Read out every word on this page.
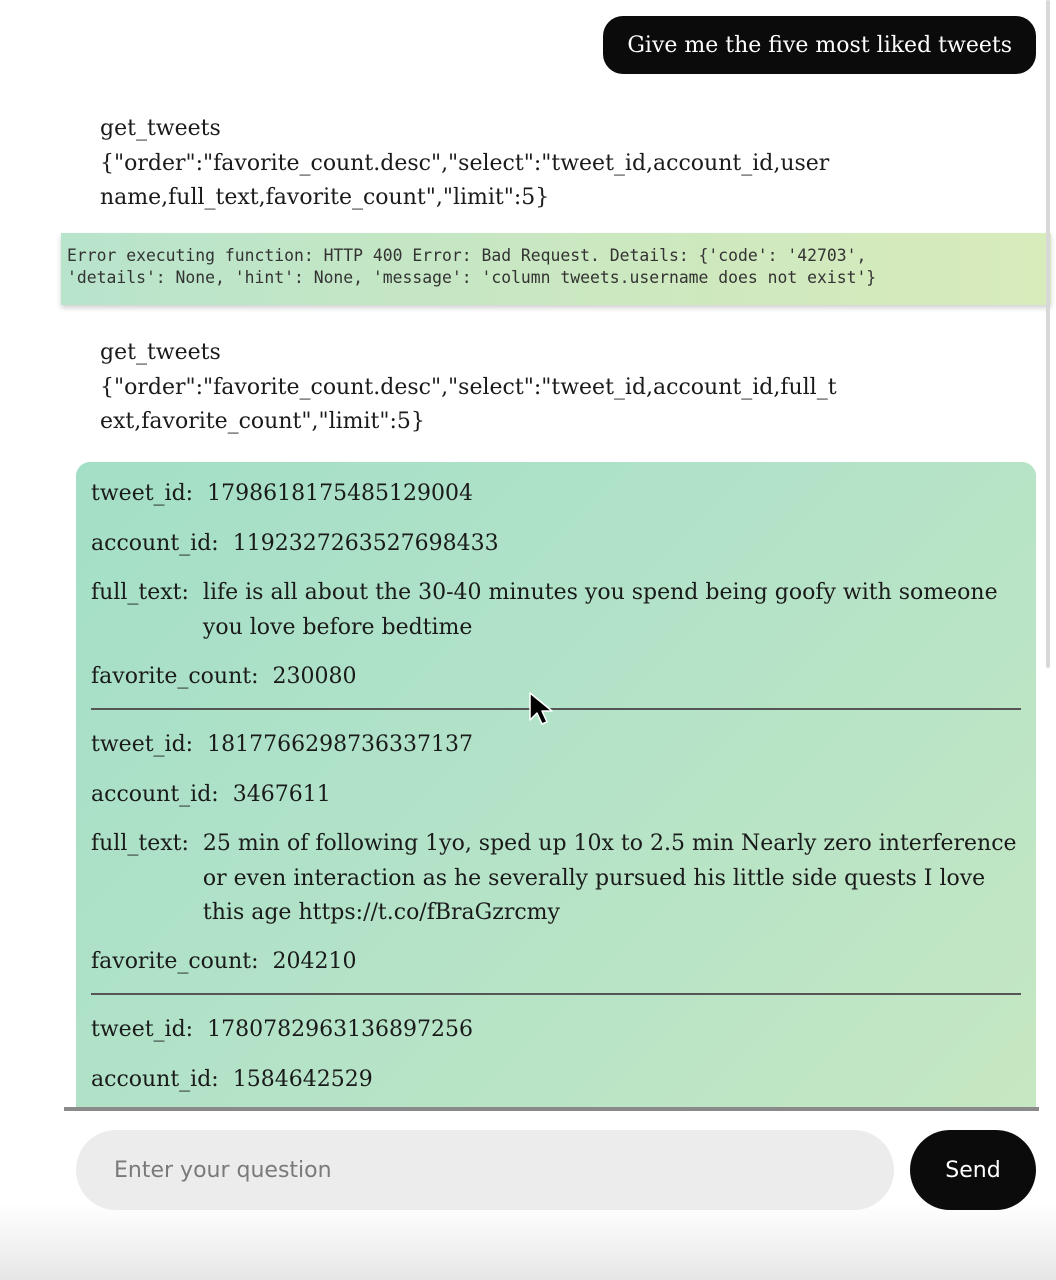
Give me the five most liked tweets
get_tweets
{"order":"favorite_count.desc","select":"tweet_id,account_id,username,full_text,favorite_count","limit":5}
Error executing function: HTTP 400 Error: Bad Request. Details: {'code': '42703',
'details': None, 'hint': None, 'message': 'column tweets.username does not exist'}
get_tweets
{"order":"favorite_count.desc","select":"tweet_id,account_id,full_text,favorite_count","limit":5}
tweet_id:
1798618175485129004
account_id:
1192327263527698433
full_text:
life is all about the 30-40 minutes you spend being goofy with someone you love before bedtime
favorite_count:
230080
tweet_id:
1817766298736337137
account_id:
3467611
full_text:
25 min of following 1yo, sped up 10x to 2.5 min Nearly zero interference or even interaction as he severally pursued his little side quests I love this age https://t.co/fBraGzrcmy
favorite_count:
204210
tweet_id:
1780782963136897256
account_id:
1584642529
Enter your question
Send
